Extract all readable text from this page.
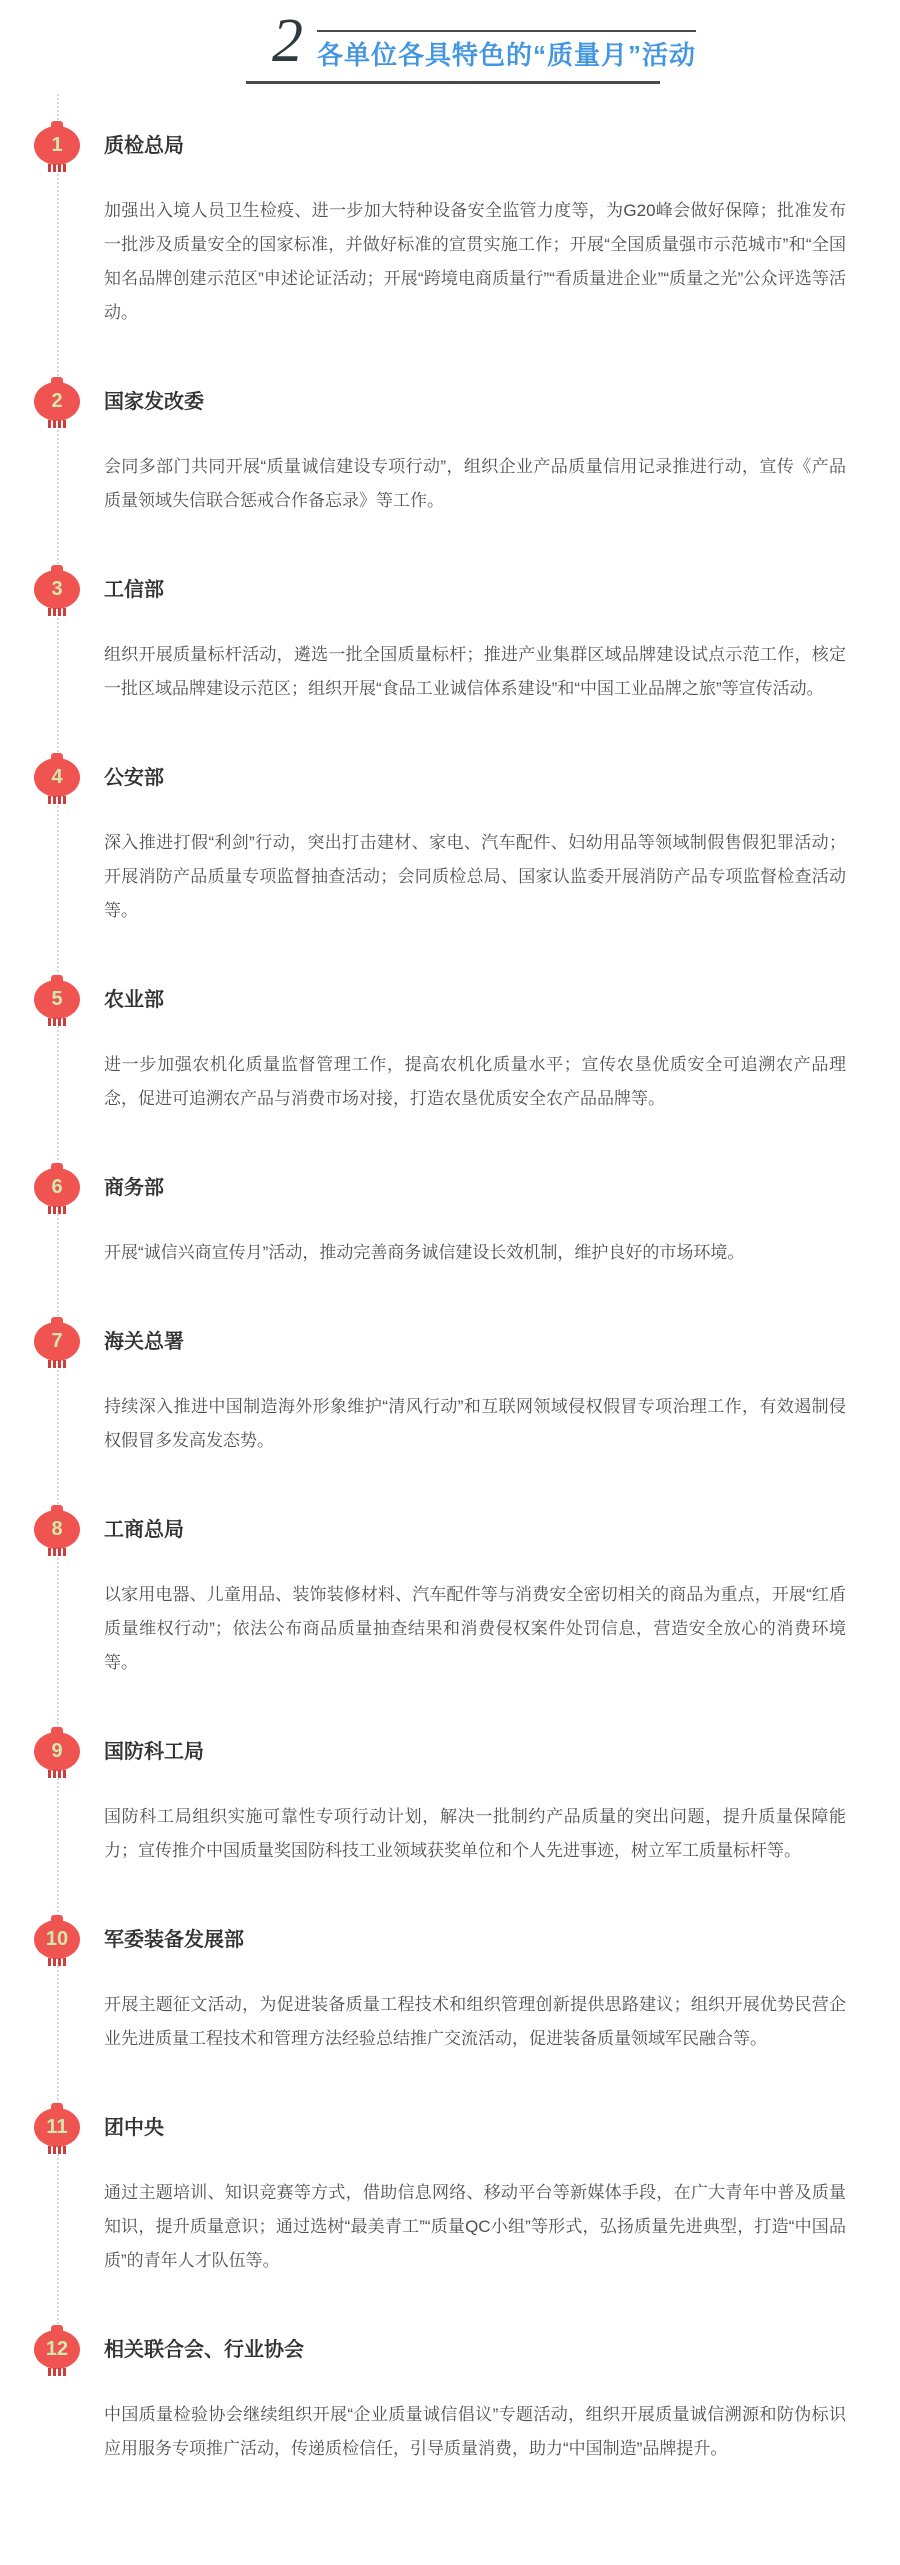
2 各单位各具特色的“质量月”活动
1 质检总局

加强出入境人员卫生检疫、进一步加大特种设备安全监管力度等，为G20峰会做好保障；批准发布一批涉及质量安全的国家标准，并做好标准的宣贯实施工作；开展“全国质量强市示范城市”和“全国知名品牌创建示范区”申述论证活动；开展“跨境电商质量行”“看质量进企业”“质量之光”公众评选等活动。

2 国家发改委

会同多部门共同开展“质量诚信建设专项行动”，组织企业产品质量信用记录推进行动，宣传《产品质量领域失信联合惩戒合作备忘录》等工作。

3 工信部

组织开展质量标杆活动，遴选一批全国质量标杆；推进产业集群区域品牌建设试点示范工作，核定一批区域品牌建设示范区；组织开展“食品工业诚信体系建设”和“中国工业品牌之旅”等宣传活动。

4 公安部

深入推进打假“利剑”行动，突出打击建材、家电、汽车配件、妇幼用品等领域制假售假犯罪活动；开展消防产品质量专项监督抽查活动；会同质检总局、国家认监委开展消防产品专项监督检查活动等。

5 农业部

进一步加强农机化质量监督管理工作，提高农机化质量水平；宣传农垦优质安全可追溯农产品理念，促进可追溯农产品与消费市场对接，打造农垦优质安全农产品品牌等。

6 商务部

开展“诚信兴商宣传月”活动，推动完善商务诚信建设长效机制，维护良好的市场环境。

7 海关总署

持续深入推进中国制造海外形象维护“清风行动”和互联网领域侵权假冒专项治理工作，有效遏制侵权假冒多发高发态势。

8 工商总局

以家用电器、儿童用品、装饰装修材料、汽车配件等与消费安全密切相关的商品为重点，开展“红盾质量维权行动”；依法公布商品质量抽查结果和消费侵权案件处罚信息，营造安全放心的消费环境等。

9 国防科工局

国防科工局组织实施可靠性专项行动计划，解决一批制约产品质量的突出问题，提升质量保障能力；宣传推介中国质量奖国防科技工业领域获奖单位和个人先进事迹，树立军工质量标杆等。

10 军委装备发展部

开展主题征文活动，为促进装备质量工程技术和组织管理创新提供思路建议；组织开展优势民营企业先进质量工程技术和管理方法经验总结推广交流活动，促进装备质量领域军民融合等。

11 团中央

通过主题培训、知识竞赛等方式，借助信息网络、移动平台等新媒体手段，在广大青年中普及质量知识，提升质量意识；通过选树“最美青工”“质量QC小组”等形式，弘扬质量先进典型，打造“中国品质”的青年人才队伍等。

12 相关联合会、行业协会

中国质量检验协会继续组织开展“企业质量诚信倡议”专题活动，组织开展质量诚信溯源和防伪标识应用服务专项推广活动，传递质检信任，引导质量消费，助力“中国制造”品牌提升。
